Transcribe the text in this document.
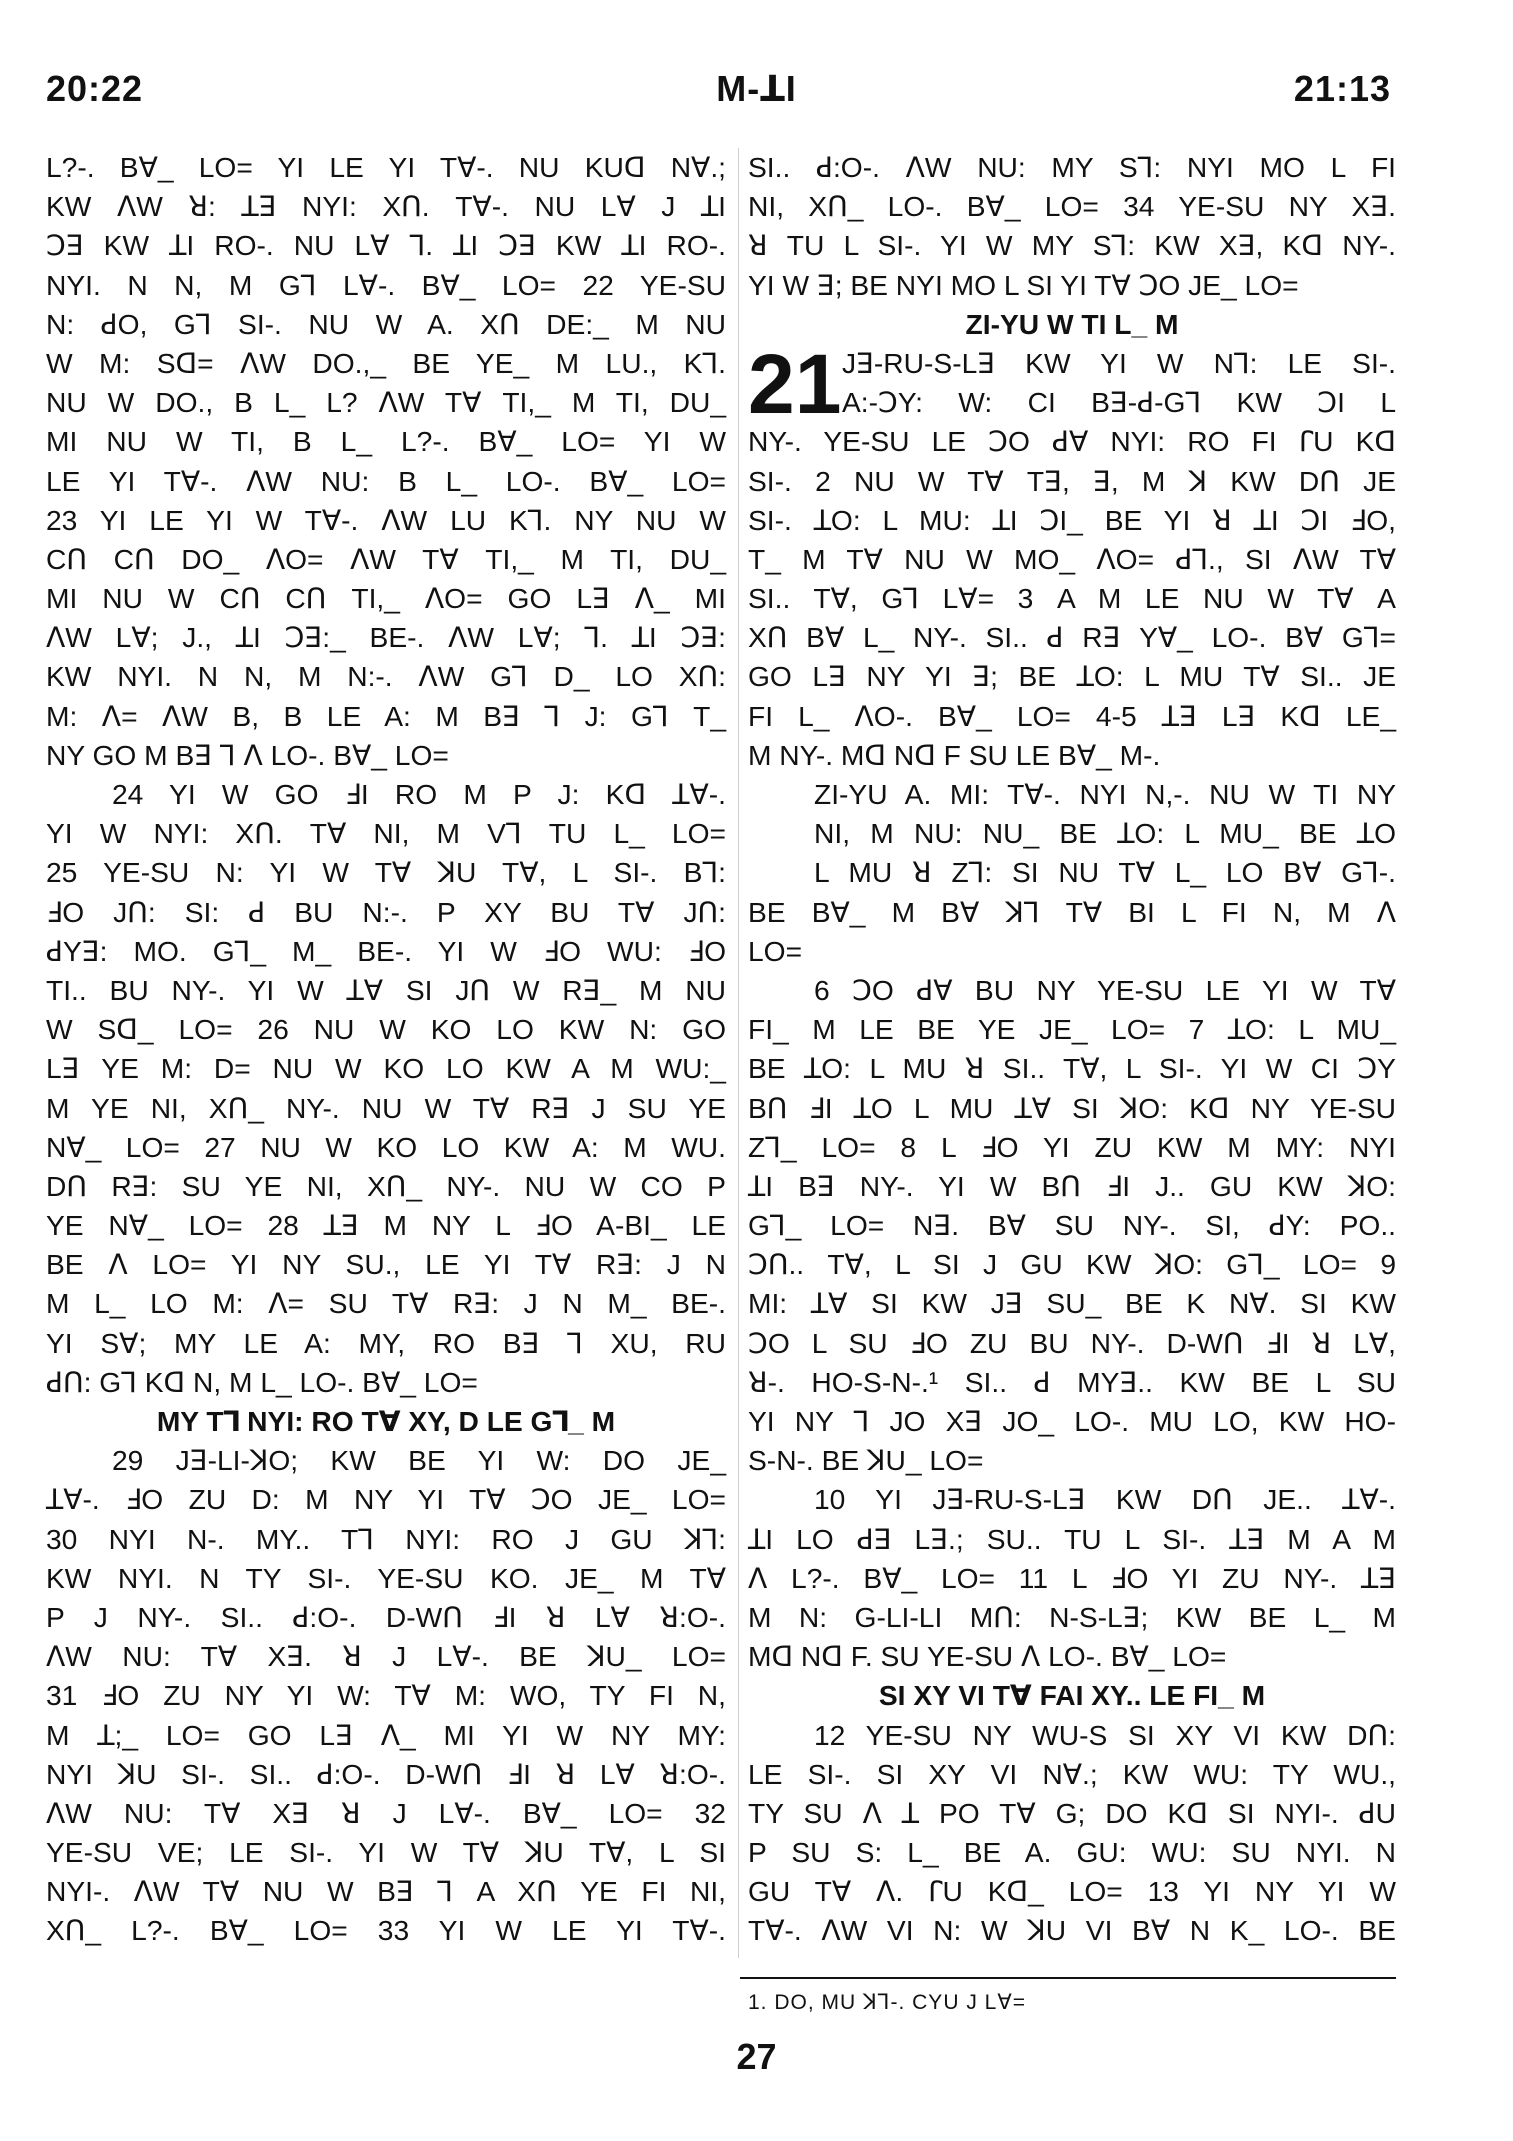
20:22	M-ꓕI	21:13
L?-. Bꓯ_ LO= YI LE YI Tꓯ-. NU KUꓷ Nꓯ.;
KW ꓥW ꓤ: ꓕꓱ NYI: Xꓵ. Tꓯ-. NU Lꓯ J ꓕI
ꓛꓱ KW ꓕI RO-. NU Lꓯ ꓶ. ꓕI ꓛꓱ KW ꓕI RO-.
NYI. N N, M Gꓶ Lꓯ-. Bꓯ_ LO= 22 YE-SU
N: ꓒO, Gꓶ SI-. NU W A. Xꓵ DE:_ M NU
W M: Sꓷ= ꓥW DO.,_ BE YE_ M LU., Kꓶ.
NU W DO., B L_ L? ꓥW Tꓯ TI,_ M TI, DU_
MI NU W TI, B L_ L?-. Bꓯ_ LO= YI W
LE YI Tꓯ-. ꓥW NU: B L_ LO-. Bꓯ_ LO=
23 YI LE YI W Tꓯ-. ꓥW LU Kꓶ. NY NU W
Cꓵ Cꓵ DO_ ꓥO= ꓥW Tꓯ TI,_ M TI, DU_
MI NU W Cꓵ Cꓵ TI,_ ꓥO= GO Lꓱ ꓥ_ MI
ꓥW Lꓯ; J., ꓕI ꓛꓱ:_ BE-. ꓥW Lꓯ; ꓶ. ꓕI ꓛꓱ:
KW NYI. N N, M N:-. ꓥW Gꓶ D_ LO Xꓵ:
M: ꓥ= ꓥW B, B LE A: M Bꓱ ꓶ J: Gꓶ T_
NY GO M Bꓱ ꓶ ꓥ LO-. Bꓯ_ LO=
24 YI W GO ꓞI RO M P J: Kꓷ ꓕꓯ-.
YI W NYI: Xꓵ. Tꓯ NI, M Vꓶ TU L_ LO=
25 YE-SU N: YI W Tꓯ ꓘU Tꓯ, L SI-. Bꓶ:
ꓞO Jꓵ: SI: ꓒ BU N:-. P XY BU Tꓯ Jꓵ:
ꓒYꓱ: MO. Gꓶ_ M_ BE-. YI W ꓞO WU: ꓞO
TI.. BU NY-. YI W ꓕꓯ SI Jꓵ W Rꓱ_ M NU
W Sꓷ_ LO= 26 NU W KO LO KW N: GO
Lꓱ YE M: D= NU W KO LO KW A M WU:_
M YE NI, Xꓵ_ NY-. NU W Tꓯ Rꓱ J SU YE
Nꓯ_ LO= 27 NU W KO LO KW A: M WU.
Dꓵ Rꓱ: SU YE NI, Xꓵ_ NY-. NU W CO P
YE Nꓯ_ LO= 28 ꓕꓱ M NY L ꓞO A-BI_ LE
BE ꓥ LO= YI NY SU., LE YI Tꓯ Rꓱ: J N
M L_ LO M: ꓥ= SU Tꓯ Rꓱ: J N M_ BE-.
YI Sꓯ; MY LE A: MY, RO Bꓱ ꓶ XU, RU
ꓒꓵ: Gꓶ Kꓷ N, M L_ LO-. Bꓯ_ LO=
MY Tꓶ NYI: RO Tꓯ XY, D LE Gꓶ_ M
29 Jꓱ-LI-ꓘO; KW BE YI W: DO JE_
ꓕꓯ-. ꓞO ZU D: M NY YI Tꓯ ꓛO JE_ LO=
30 NYI N-. MY.. Tꓶ NYI: RO J GU ꓘꓶ:
KW NYI. N TY SI-. YE-SU KO. JE_ M Tꓯ
P J NY-. SI.. ꓒ:O-. D-Wꓵ ꓞI ꓤ Lꓯ ꓤ:O-.
ꓥW NU: Tꓯ Xꓱ. ꓤ J Lꓯ-. BE ꓘU_ LO=
31 ꓞO ZU NY YI W: Tꓯ M: WO, TY FI N,
M ꓕ;_ LO= GO Lꓱ ꓥ_ MI YI W NY MY:
NYI ꓘU SI-. SI.. ꓒ:O-. D-Wꓵ ꓞI ꓤ Lꓯ ꓤ:O-.
ꓥW NU: Tꓯ Xꓱ ꓤ J Lꓯ-. Bꓯ_ LO= 32
YE-SU VE; LE SI-. YI W Tꓯ ꓘU Tꓯ, L SI
NYI-. ꓥW Tꓯ NU W Bꓱ ꓶ A Xꓵ YE FI NI,
Xꓵ_ L?-. Bꓯ_ LO= 33 YI W LE YI Tꓯ-.
SI.. ꓒ:O-. ꓥW NU: MY Sꓶ: NYI MO L FI
NI, Xꓵ_ LO-. Bꓯ_ LO= 34 YE-SU NY Xꓱ.
ꓤ TU L SI-. YI W MY Sꓶ: KW Xꓱ, Kꓷ NY-.
YI W ꓱ; BE NYI MO L SI YI Tꓯ ꓛO JE_ LO=
ZI-YU W TI L_ M
21 Jꓱ-RU-S-Lꓱ KW YI W Nꓶ: LE SI-.
A:-ꓛY: W: CI Bꓱ-ꓒ-Gꓶ KW ꓛI L
NY-. YE-SU LE ꓛO ꓒꓯ NYI: RO FI ꓩU Kꓷ
SI-. 2 NU W Tꓯ Tꓱ, ꓱ, M ꓘ KW Dꓵ JE
SI-. ꓕO: L MU: ꓕI ꓛI_ BE YI ꓤ ꓕI ꓛI ꓞO,
T_ M Tꓯ NU W MO_ ꓥO= ꓒꓶ., SI ꓥW Tꓯ
SI.. Tꓯ, Gꓶ Lꓯ= 3 A M LE NU W Tꓯ A
Xꓵ Bꓯ L_ NY-. SI.. ꓒ Rꓱ Yꓯ_ LO-. Bꓯ Gꓶ=
GO Lꓱ NY YI ꓱ; BE ꓕO: L MU Tꓯ SI.. JE
FI L_ ꓥO-. Bꓯ_ LO= 4-5 ꓕꓱ Lꓱ Kꓷ LE_
M NY-. Mꓷ Nꓷ F SU LE Bꓯ_ M-.
ZI-YU A. MI: Tꓯ-. NYI N,-. NU W TI NY
NI, M NU: NU_ BE ꓕO: L MU_ BE ꓕO
L MU ꓤ Zꓶ: SI NU Tꓯ L_ LO Bꓯ Gꓶ-.
BE Bꓯ_ M Bꓯ ꓘꓶ Tꓯ BI L FI N, M ꓥ
LO=
6 ꓛO ꓒꓯ BU NY YE-SU LE YI W Tꓯ
FI_ M LE BE YE JE_ LO= 7 ꓕO: L MU_
BE ꓕO: L MU ꓤ SI.. Tꓯ, L SI-. YI W CI ꓛY
Bꓵ ꓞI ꓕO L MU ꓕꓯ SI ꓘO: Kꓷ NY YE-SU
Zꓶ_ LO= 8 L ꓞO YI ZU KW M MY: NYI
ꓕI Bꓱ NY-. YI W Bꓵ ꓞI J.. GU KW ꓘO:
Gꓶ_ LO= Nꓱ. Bꓯ SU NY-. SI, ꓒY: PO..
ꓛꓵ.. Tꓯ, L SI J GU KW ꓘO: Gꓶ_ LO= 9
MI: ꓕꓯ SI KW Jꓱ SU_ BE K Nꓯ. SI KW
ꓛO L SU ꓞO ZU BU NY-. D-Wꓵ ꓞI ꓤ Lꓯ,
ꓤ-. HO-S-N-.¹ SI.. ꓒ MYꓱ.. KW BE L SU
YI NY ꓶ JO Xꓱ JO_ LO-. MU LO, KW HO-
S-N-. BE ꓘU_ LO=
10 YI Jꓱ-RU-S-Lꓱ KW Dꓵ JE.. ꓕꓯ-.
ꓕI LO ꓒꓱ Lꓱ.; SU.. TU L SI-. ꓕꓱ M A M
ꓥ L?-. Bꓯ_ LO= 11 L ꓞO YI ZU NY-. ꓕꓱ
M N: G-LI-LI Mꓵ: N-S-Lꓱ; KW BE L_ M
Mꓷ Nꓷ F. SU YE-SU ꓥ LO-. Bꓯ_ LO=
SI XY VI Tꓯ FAI XY.. LE FI_ M
12 YE-SU NY WU-S SI XY VI KW Dꓵ:
LE SI-. SI XY VI Nꓯ.; KW WU: TY WU.,
TY SU ꓥ ꓕ PO Tꓯ G; DO Kꓷ SI NYI-. ꓒU
P SU S: L_ BE A. GU: WU: SU NYI. N
GU Tꓯ ꓥ. ꓩU Kꓷ_ LO= 13 YI NY YI W
Tꓯ-. ꓥW VI N: W ꓘU VI Bꓯ N K_ LO-. BE
1. DO, MU ꓘꓶ-. CYU J Lꓯ=
27
